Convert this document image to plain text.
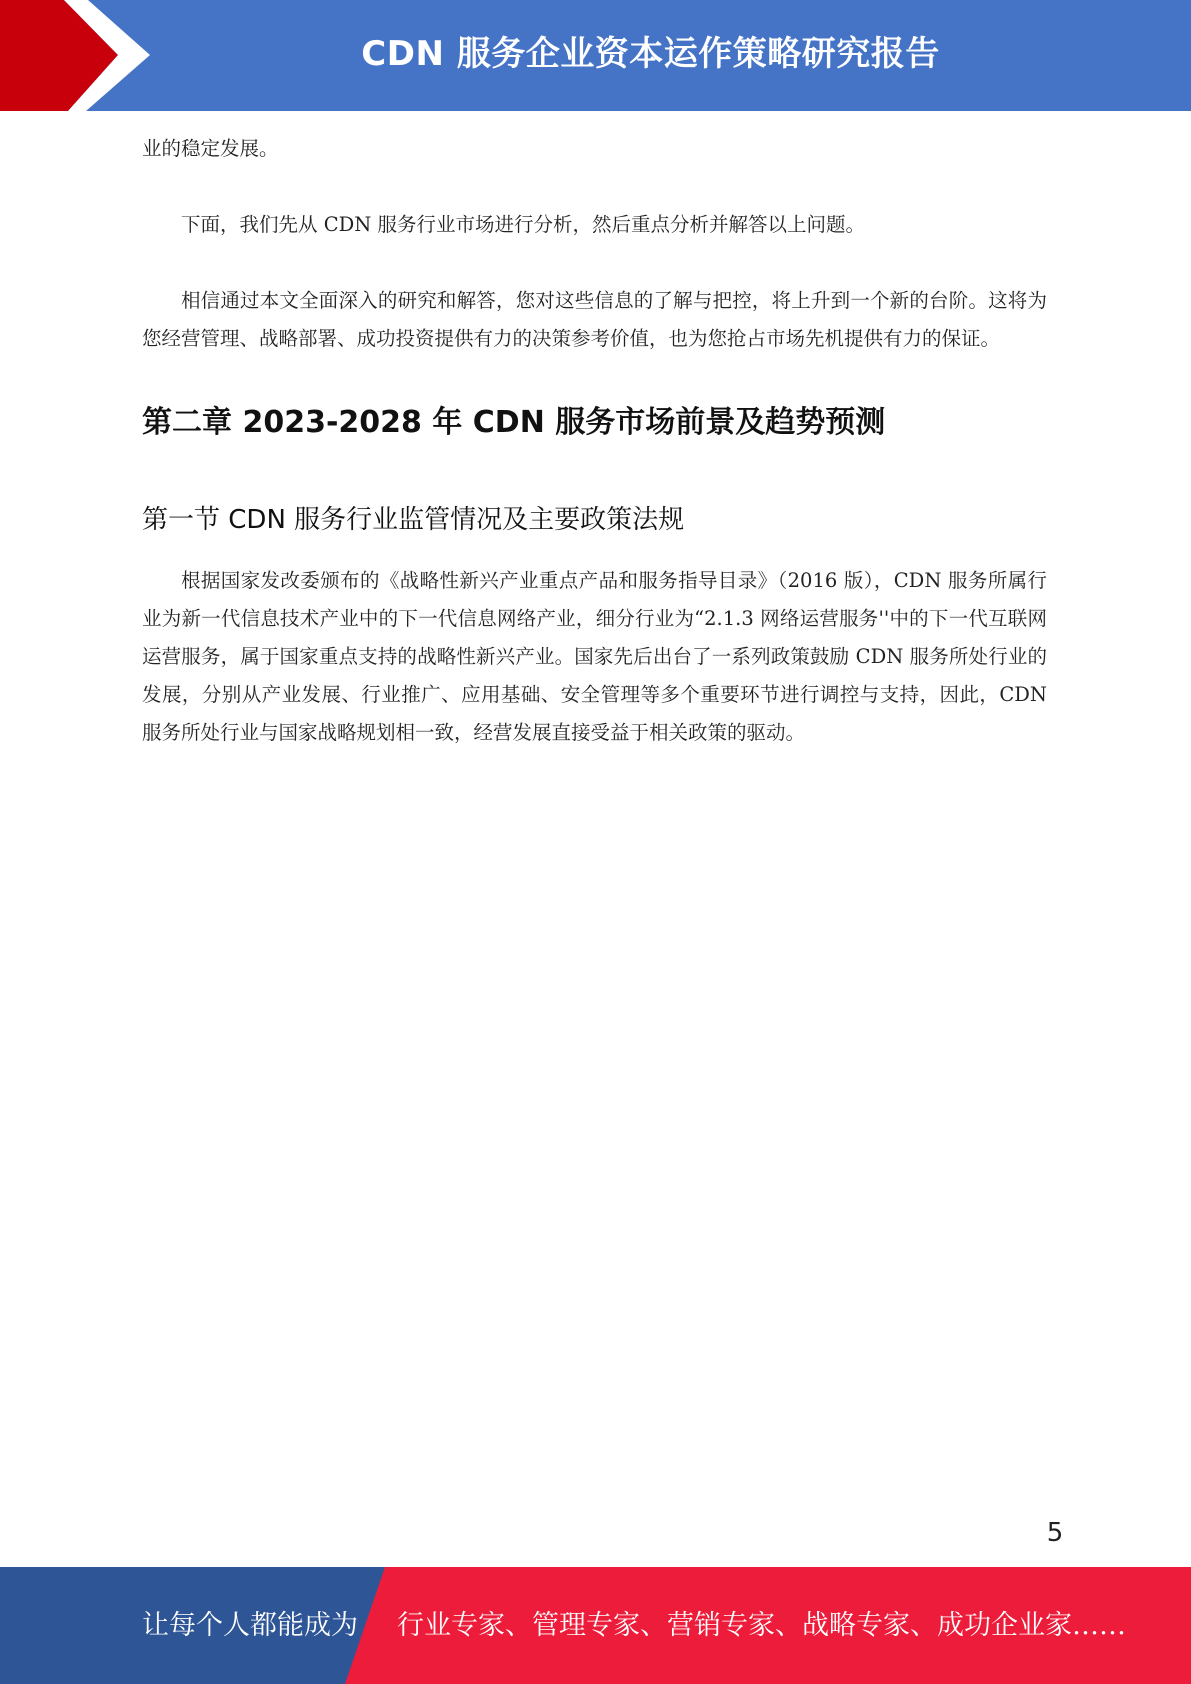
CDN 服务企业资本运作策略研究报告

业的稳定发展。

下面，我们先从 CDN 服务行业市场进行分析，然后重点分析并解答以上问题。

相信通过本文全面深入的研究和解答，您对这些信息的了解与把控，将上升到一个新的台阶。这将为您经营管理、战略部署、成功投资提供有力的决策参考价值，也为您抢占市场先机提供有力的保证。

第二章 2023-2028 年 CDN 服务市场前景及趋势预测
第一节 CDN 服务行业监管情况及主要政策法规

根据国家发改委颁布的《战略性新兴产业重点产品和服务指导目录》（2016 版），CDN 服务所属行业为新一代信息技术产业中的下一代信息网络产业，细分行业为“2.1.3 网络运营服务''中的下一代互联网运营服务，属于国家重点支持的战略性新兴产业。国家先后出台了一系列政策鼓励 CDN 服务所处行业的发展，分别从产业发展、行业推广、应用基础、安全管理等多个重要环节进行调控与支持，因此，CDN 服务所处行业与国家战略规划相一致，经营发展直接受益于相关政策的驱动。

5
让每个人都能成为 行业专家、管理专家、营销专家、战略专家、成功企业家……
